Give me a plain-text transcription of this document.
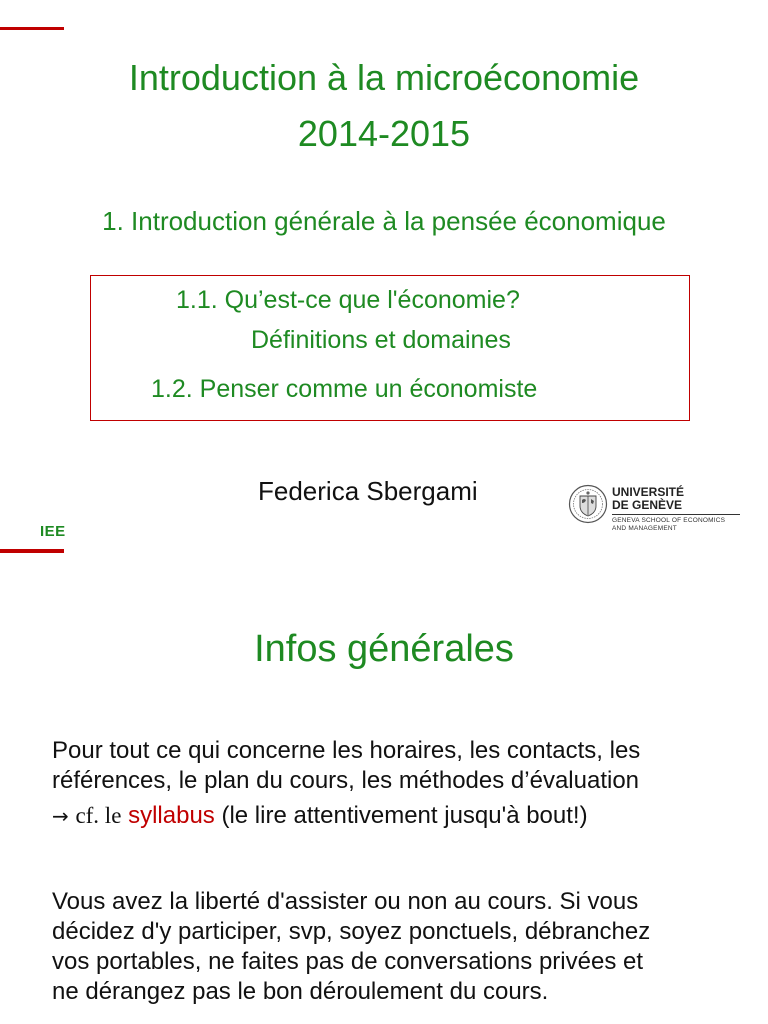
Introduction à la microéconomie
2014-2015
1. Introduction générale à la pensée économique
1.1. Qu’est-ce que l'économie?
Définitions et domaines
1.2. Penser comme un économiste
Federica Sbergami	UNIVERSITÉ
DE GENÈVE
GENEVA SCHOOL OF ECONOMICS
AND MANAGEMENT
IEE
Infos générales
Pour tout ce qui concerne les horaires, les contacts, les
références, le plan du cours, les méthodes d’évaluation
→ cf. le syllabus (le lire attentivement jusqu'à bout!)
Vous avez la liberté d'assister ou non au cours. Si vous
décidez d'y participer, svp, soyez ponctuels, débranchez
vos portables, ne faites pas de conversations privées et
ne dérangez pas le bon déroulement du cours.
